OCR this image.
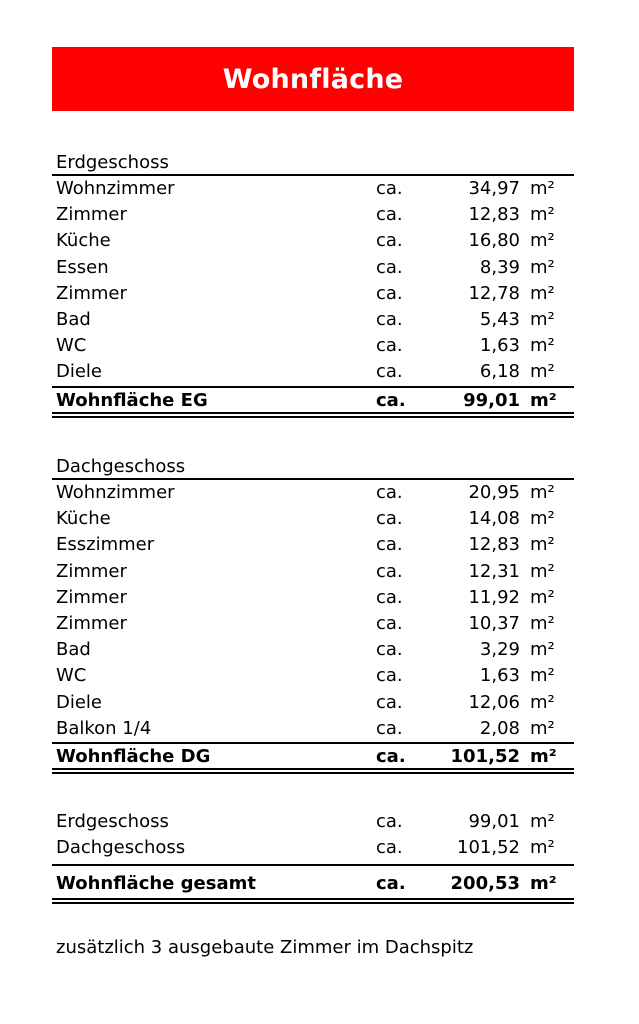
Wohnfläche
Erdgeschoss
Wohnzimmer	ca.	34,97 m²
Zimmer	ca.	12,83 m²
Küche	ca.	16,80 m²
Essen	ca.	8,39 m²
Zimmer	ca.	12,78 m²
Bad	ca.	5,43 m²
WC	ca.	1,63 m²
Diele	ca.	6,18 m²
Wohnfläche EG	ca.	99,01 m²
Dachgeschoss
Wohnzimmer	ca.	20,95 m²
Küche	ca.	14,08 m²
Esszimmer	ca.	12,83 m²
Zimmer	ca.	12,31 m²
Zimmer	ca.	11,92 m²
Zimmer	ca.	10,37 m²
Bad	ca.	3,29 m²
WC	ca.	1,63 m²
Diele	ca.	12,06 m²
Balkon 1/4	ca.	2,08 m²
Wohnfläche DG	ca. 101,52 m²
Erdgeschoss	ca.	99,01 m²
Dachgeschoss	ca.	101,52 m²
Wohnfläche gesamt	ca. 200,53 m²
zusätzlich 3 ausgebaute Zimmer im Dachspitz
